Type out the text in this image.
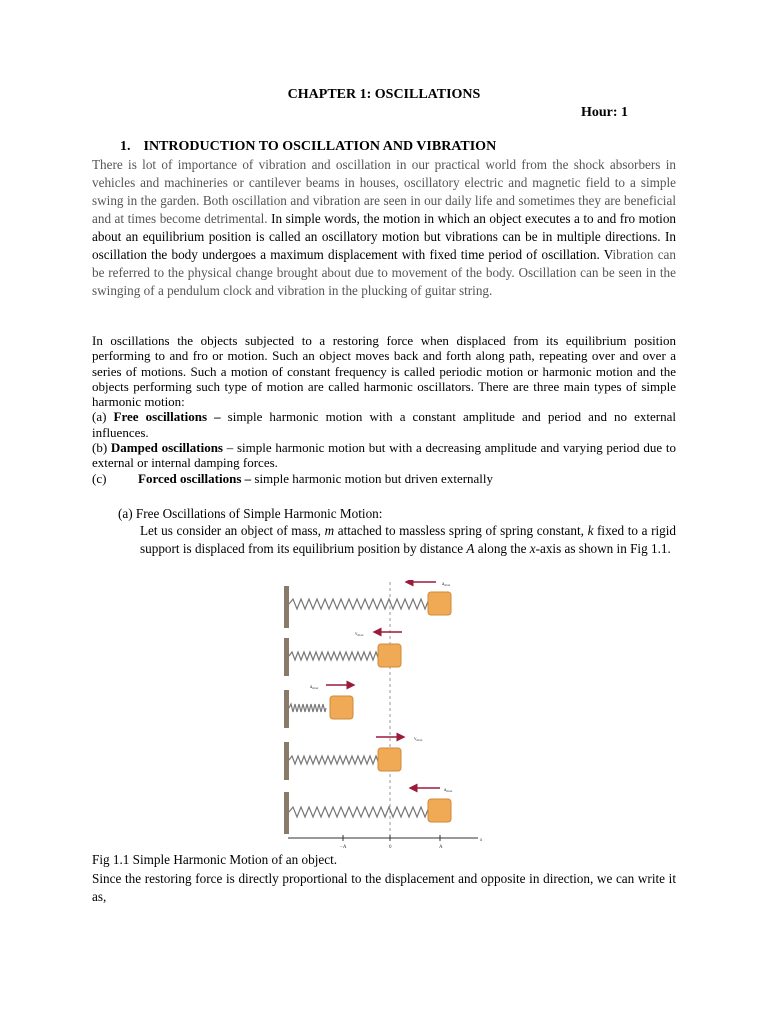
CHAPTER 1: OSCILLATIONS
Hour: 1
1. INTRODUCTION TO OSCILLATION AND VIBRATION
There is lot of importance of vibration and oscillation in our practical world from the shock absorbers in vehicles and machineries or cantilever beams in houses, oscillatory electric and magnetic field to a simple swing in the garden. Both oscillation and vibration are seen in our daily life and sometimes they are beneficial and at times become detrimental. In simple words, the motion in which an object executes a to and fro motion about an equilibrium position is called an oscillatory motion but vibrations can be in multiple directions. In oscillation the body undergoes a maximum displacement with fixed time period of oscillation. Vibration can be referred to the physical change brought about due to movement of the body. Oscillation can be seen in the swinging of a pendulum clock and vibration in the plucking of guitar string.
In oscillations the objects subjected to a restoring force when displaced from its equilibrium position performing to and fro or motion. Such an object moves back and forth along path, repeating over and over a series of motions. Such a motion of constant frequency is called periodic motion or harmonic motion and the objects performing such type of motion are called harmonic oscillators. There are three main types of simple harmonic motion:
(a) Free oscillations – simple harmonic motion with a constant amplitude and period and no external influences.
(b) Damped oscillations – simple harmonic motion but with a decreasing amplitude and varying period due to external or internal damping forces.
(c) Forced oscillations – simple harmonic motion but driven externally
(a) Free Oscillations of Simple Harmonic Motion:
Let us consider an object of mass, m attached to massless spring of spring constant, k fixed to a rigid support is displaced from its equilibrium position by distance A along the x-axis as shown in Fig 1.1.
$a_{max}$
$v_{max}$
$a_{max}$
$v_{max}$
$a_{max}$
−A	0	A
x
Fig 1.1 Simple Harmonic Motion of an object.
Since the restoring force is directly proportional to the displacement and opposite in direction, we can write it as,
